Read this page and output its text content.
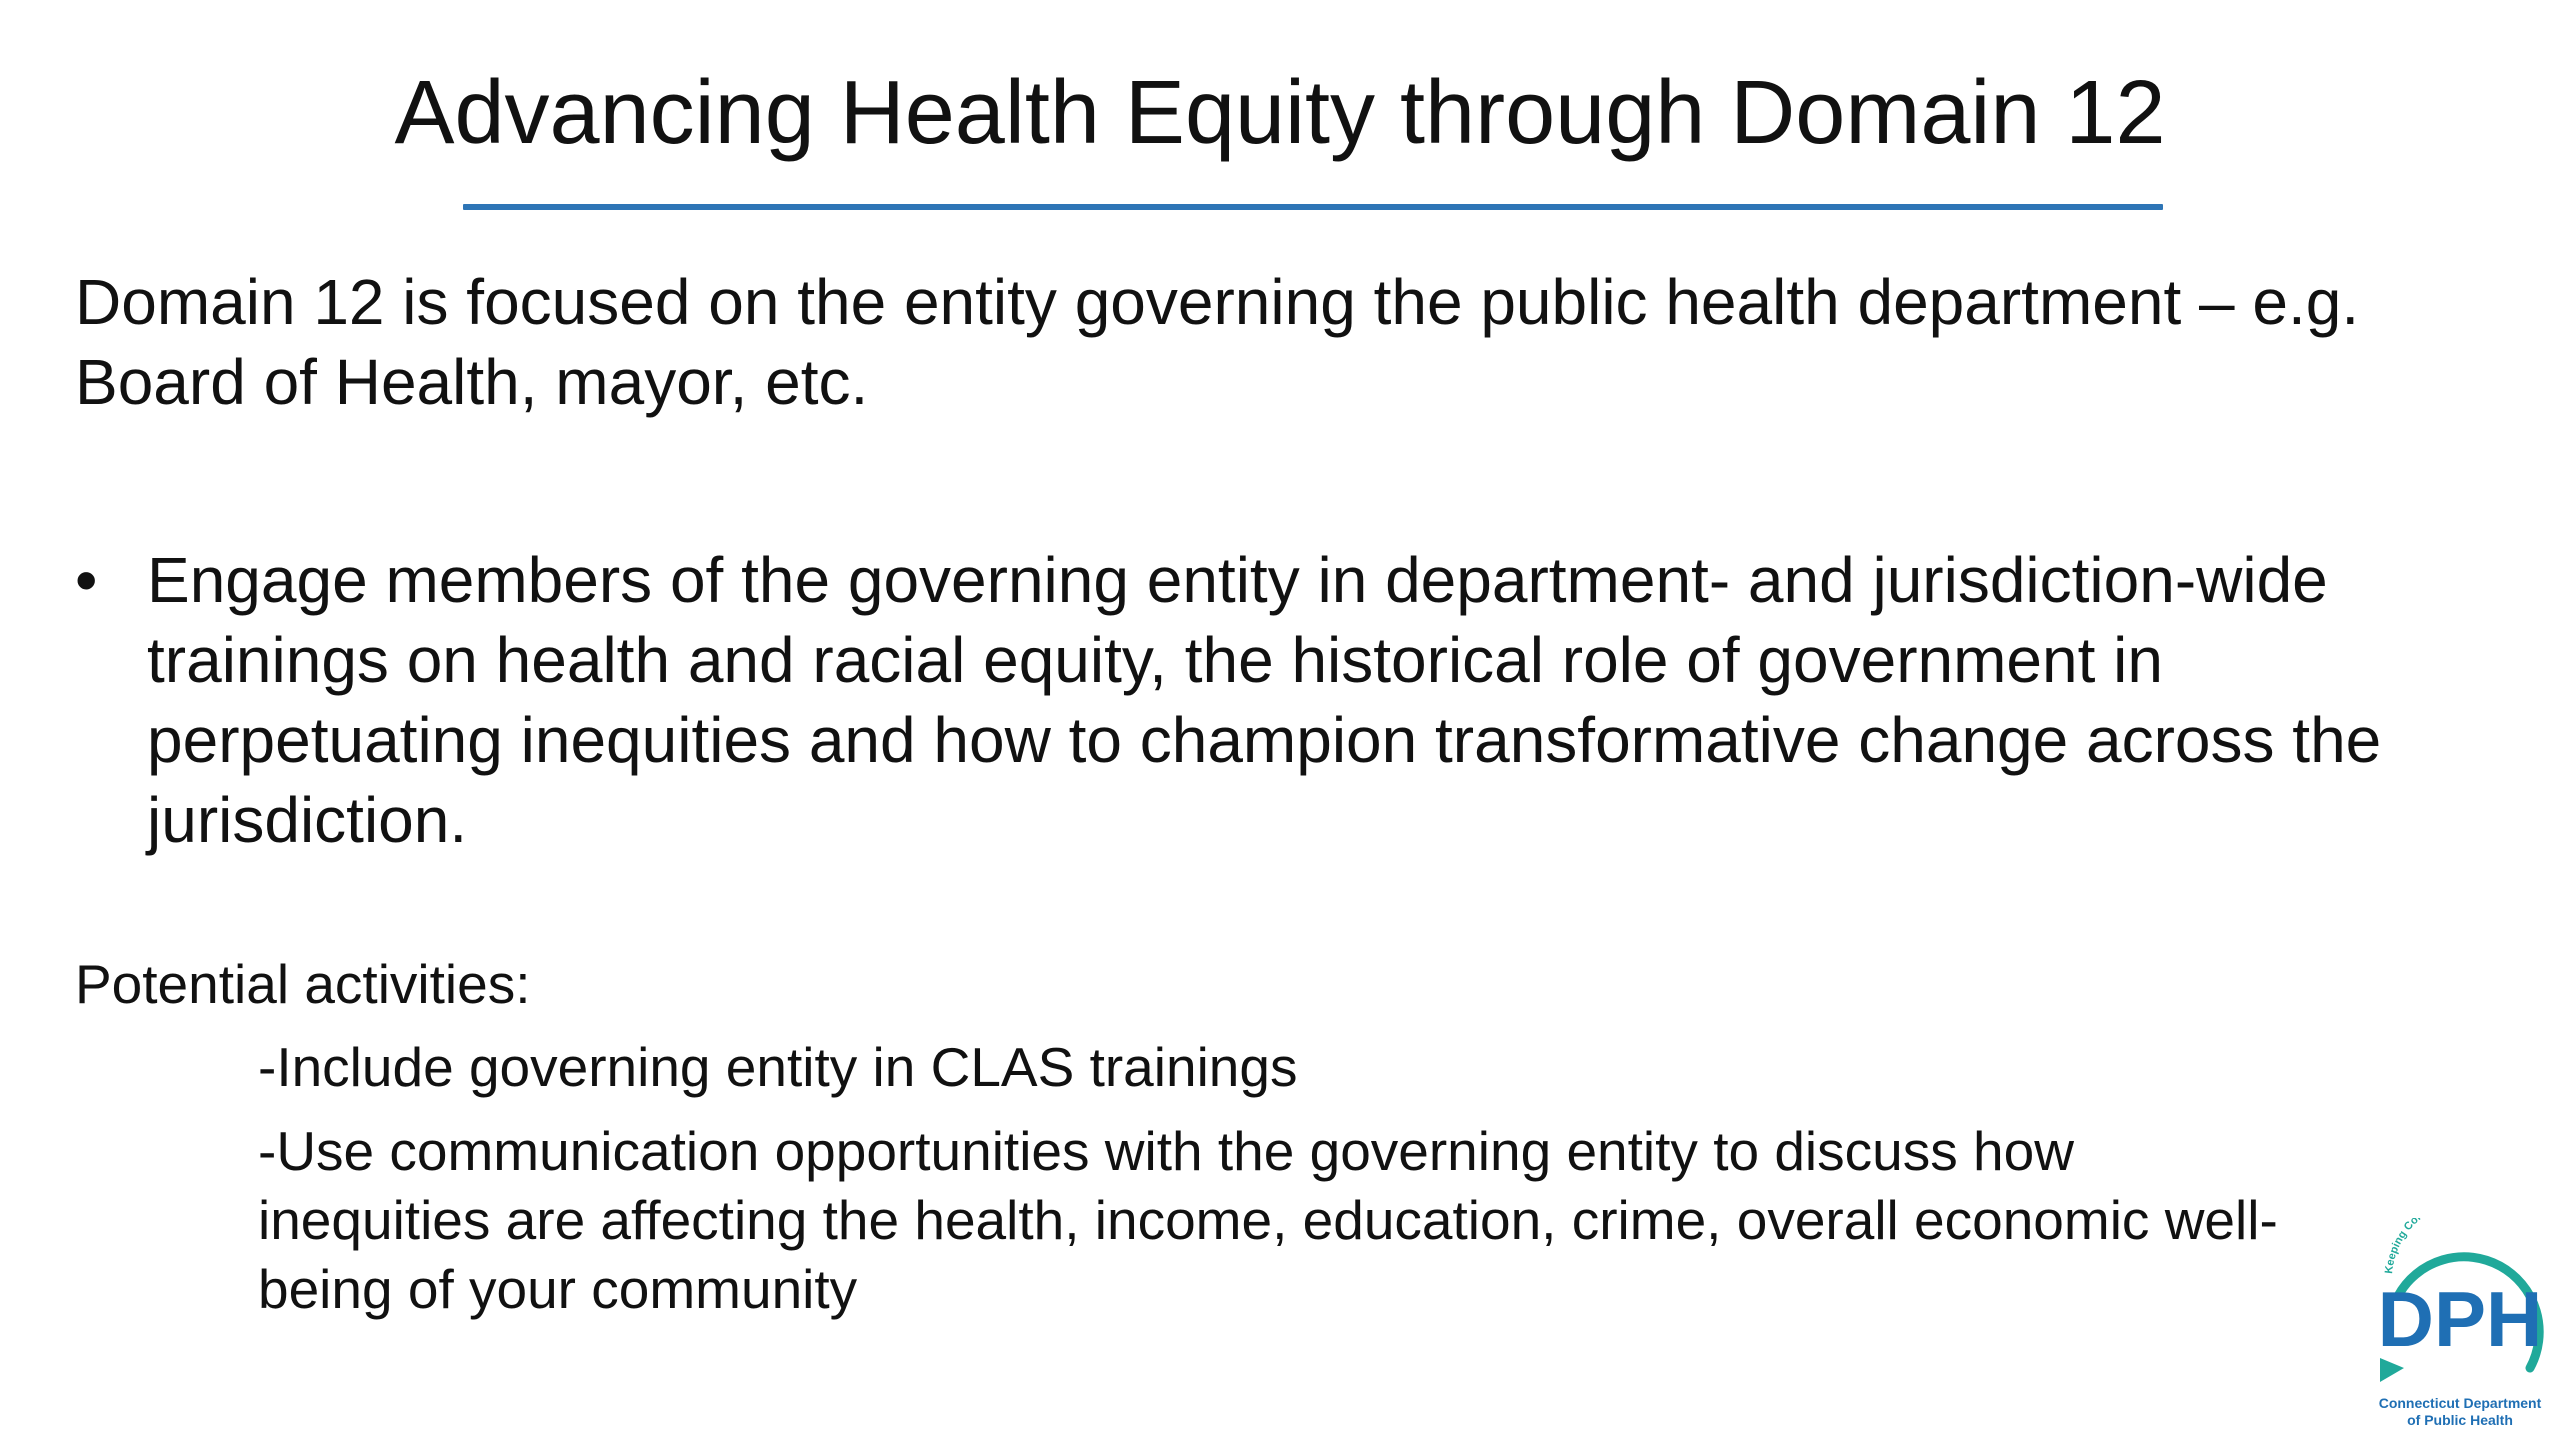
Advancing Health Equity through Domain 12
Domain 12 is focused on the entity governing the public health department – e.g. Board of Health, mayor, etc.
• Engage members of the governing entity in department- and jurisdiction-wide trainings on health and racial equity, the historical role of government in perpetuating inequities and how to champion transformative change across the jurisdiction.
Potential activities:
-Include governing entity in CLAS trainings
-Use communication opportunities with the governing entity to discuss how inequities are affecting the health, income, education, crime, overall economic well-being of your community	Keeping Co
DPH
Connecticut Department
of Public Health
